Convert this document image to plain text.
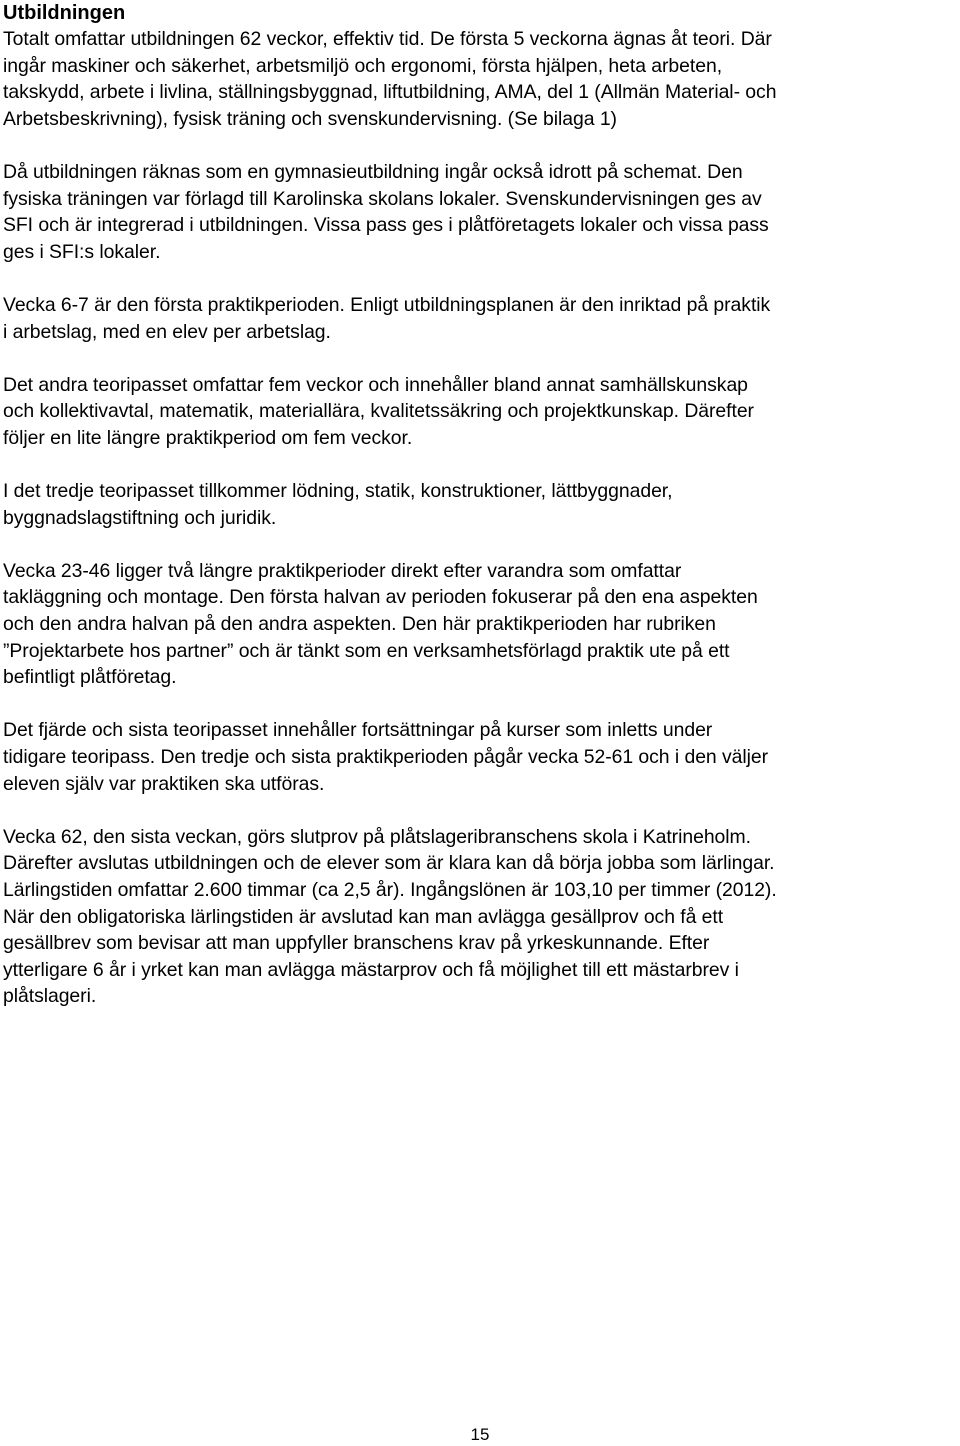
Utbildningen

Totalt omfattar utbildningen 62 veckor, effektiv tid. De första 5 veckorna ägnas åt teori. Där
ingår maskiner och säkerhet, arbetsmiljö och ergonomi, första hjälpen, heta arbeten,
takskydd, arbete i livlina, ställningsbyggnad, liftutbildning, AMA, del 1 (Allmän Material- och
Arbetsbeskrivning), fysisk träning och svenskundervisning. (Se bilaga 1)

Då utbildningen räknas som en gymnasieutbildning ingår också idrott på schemat. Den
fysiska träningen var förlagd till Karolinska skolans lokaler. Svenskundervisningen ges av
SFI och är integrerad i utbildningen. Vissa pass ges i plåtföretagets lokaler och vissa pass
ges i SFI:s lokaler.

Vecka 6-7 är den första praktikperioden. Enligt utbildningsplanen är den inriktad på praktik
i arbetslag, med en elev per arbetslag.

Det andra teoripasset omfattar fem veckor och innehåller bland annat samhällskunskap
och kollektivavtal, matematik, materiallära, kvalitetssäkring och projektkunskap. Därefter
följer en lite längre praktikperiod om fem veckor.

I det tredje teoripasset tillkommer lödning, statik, konstruktioner, lättbyggnader,
byggnadslagstiftning och juridik.

Vecka 23-46 ligger två längre praktikperioder direkt efter varandra som omfattar
takläggning och montage. Den första halvan av perioden fokuserar på den ena aspekten
och den andra halvan på den andra aspekten. Den här praktikperioden har rubriken
”Projektarbete hos partner” och är tänkt som en verksamhetsförlagd praktik ute på ett
befintligt plåtföretag.

Det fjärde och sista teoripasset innehåller fortsättningar på kurser som inletts under
tidigare teoripass. Den tredje och sista praktikperioden pågår vecka 52-61 och i den väljer
eleven själv var praktiken ska utföras.

Vecka 62, den sista veckan, görs slutprov på plåtslageribranschens skola i Katrineholm.
Därefter avslutas utbildningen och de elever som är klara kan då börja jobba som lärlingar.
Lärlingstiden omfattar 2.600 timmar (ca 2,5 år). Ingångslönen är 103,10 per timmer (2012).
När den obligatoriska lärlingstiden är avslutad kan man avlägga gesällprov och få ett
gesällbrev som bevisar att man uppfyller branschens krav på yrkeskunnande. Efter
ytterligare 6 år i yrket kan man avlägga mästarprov och få möjlighet till ett mästarbrev i
plåtslageri.

15
